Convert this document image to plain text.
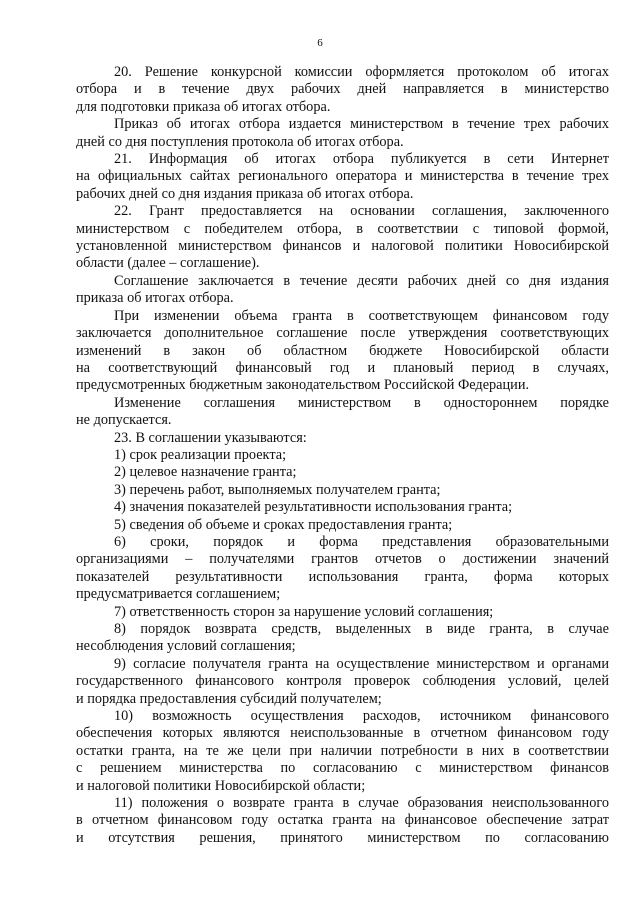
6

20. Решение конкурсной комиссии оформляется протоколом об итогах
отбора и в течение двух рабочих дней направляется в министерство
для подготовки приказа об итогах отбора.

Приказ об итогах отбора издается министерством в течение трех рабочих
дней со дня поступления протокола об итогах отбора.

21. Информация об итогах отбора публикуется в сети Интернет
на официальных сайтах регионального оператора и министерства в течение трех
рабочих дней со дня издания приказа об итогах отбора.

22. Грант предоставляется на основании соглашения, заключенного
министерством с победителем отбора, в соответствии с типовой формой,
установленной министерством финансов и налоговой политики Новосибирской
области (далее – соглашение).

Соглашение заключается в течение десяти рабочих дней со дня издания
приказа об итогах отбора.

При изменении объема гранта в соответствующем финансовом году
заключается дополнительное соглашение после утверждения соответствующих
изменений в закон об областном бюджете Новосибирской области
на соответствующий финансовый год и плановый период в случаях,
предусмотренных бюджетным законодательством Российской Федерации.

Изменение соглашения министерством в одностороннем порядке
не допускается.

23. В соглашении указываются:

1) срок реализации проекта;

2) целевое назначение гранта;

3) перечень работ, выполняемых получателем гранта;

4) значения показателей результативности использования гранта;

5) сведения об объеме и сроках предоставления гранта;

6) сроки, порядок и форма представления образовательными
организациями – получателями грантов отчетов о достижении значений
показателей результативности использования гранта, форма которых
предусматривается соглашением;

7) ответственность сторон за нарушение условий соглашения;

8) порядок возврата средств, выделенных в виде гранта, в случае
несоблюдения условий соглашения;

9) согласие получателя гранта на осуществление министерством и органами
государственного финансового контроля проверок соблюдения условий, целей
и порядка предоставления субсидий получателем;

10) возможность осуществления расходов, источником финансового
обеспечения которых являются неиспользованные в отчетном финансовом году
остатки гранта, на те же цели при наличии потребности в них в соответствии
с решением министерства по согласованию с министерством финансов
и налоговой политики Новосибирской области;

11) положения о возврате гранта в случае образования неиспользованного
в отчетном финансовом году остатка гранта на финансовое обеспечение затрат
и отсутствия решения, принятого министерством по согласованию
